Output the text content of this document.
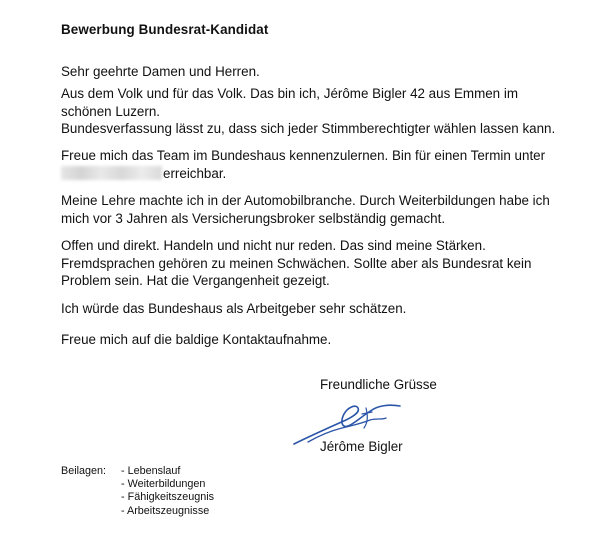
Bewerbung Bundesrat-Kandidat
Sehr geehrte Damen und Herren.
Aus dem Volk und für das Volk. Das bin ich, Jérôme Bigler 42 aus Emmen im
schönen Luzern.
Bundesverfassung lässt zu, dass sich jeder Stimmberechtigter wählen lassen kann.
Freue mich das Team im Bundeshaus kennenzulernen. Bin für einen Termin unter
erreichbar.
Meine Lehre machte ich in der Automobilbranche. Durch Weiterbildungen habe ich
mich vor 3 Jahren als Versicherungsbroker selbständig gemacht.
Offen und direkt. Handeln und nicht nur reden. Das sind meine Stärken.
Fremdsprachen gehören zu meinen Schwächen. Sollte aber als Bundesrat kein
Problem sein. Hat die Vergangenheit gezeigt.
Ich würde das Bundeshaus als Arbeitgeber sehr schätzen.
Freue mich auf die baldige Kontaktaufnahme.
Freundliche Grüsse
Jérôme Bigler
Beilagen: - Lebenslauf
- Weiterbildungen
- Fähigkeitszeugnis
- Arbeitszeugnisse
